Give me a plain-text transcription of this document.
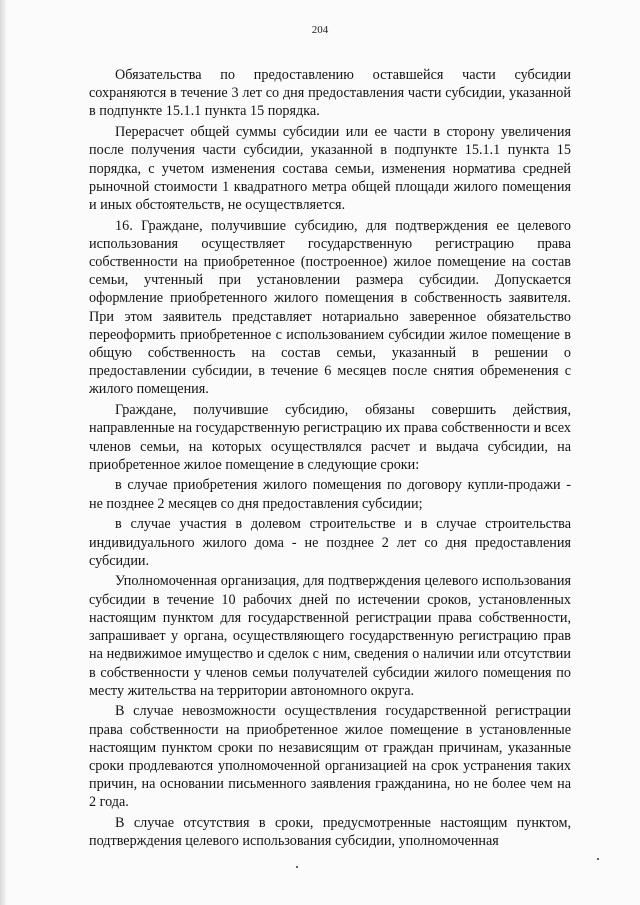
204

Обязательства по предоставлению оставшейся части субсидии сохраняются в течение 3 лет со дня предоставления части субсидии, указанной в подпункте 15.1.1 пункта 15 порядка.

Перерасчет общей суммы субсидии или ее части в сторону увеличения после получения части субсидии, указанной в подпункте 15.1.1 пункта 15 порядка, с учетом изменения состава семьи, изменения норматива средней рыночной стоимости 1 квадратного метра общей площади жилого помещения и иных обстоятельств, не осуществляется.

16. Граждане, получившие субсидию, для подтверждения ее целевого использования осуществляет государственную регистрацию права собственности на приобретенное (построенное) жилое помещение на состав семьи, учтенный при установлении размера субсидии. Допускается оформление приобретенного жилого помещения в собственность заявителя. При этом заявитель представляет нотариально заверенное обязательство переоформить приобретенное с использованием субсидии жилое помещение в общую собственность на состав семьи, указанный в решении о предоставлении субсидии, в течение 6 месяцев после снятия обременения с жилого помещения.

Граждане, получившие субсидию, обязаны совершить действия, направленные на государственную регистрацию их права собственности и всех членов семьи, на которых осуществлялся расчет и выдача субсидии, на приобретенное жилое помещение в следующие сроки:

в случае приобретения жилого помещения по договору купли-продажи - не позднее 2 месяцев со дня предоставления субсидии;

в случае участия в долевом строительстве и в случае строительства индивидуального жилого дома - не позднее 2 лет со дня предоставления субсидии.

Уполномоченная организация, для подтверждения целевого использования субсидии в течение 10 рабочих дней по истечении сроков, установленных настоящим пунктом для государственной регистрации права собственности, запрашивает у органа, осуществляющего государственную регистрацию прав на недвижимое имущество и сделок с ним, сведения о наличии или отсутствии в собственности у членов семьи получателей субсидии жилого помещения по месту жительства на территории автономного округа.

В случае невозможности осуществления государственной регистрации права собственности на приобретенное жилое помещение в установленные настоящим пунктом сроки по независящим от граждан причинам, указанные сроки продлеваются уполномоченной организацией на срок устранения таких причин, на основании письменного заявления гражданина, но не более чем на 2 года.

В случае отсутствия в сроки, предусмотренные настоящим пунктом, подтверждения целевого использования субсидии, уполномоченная
